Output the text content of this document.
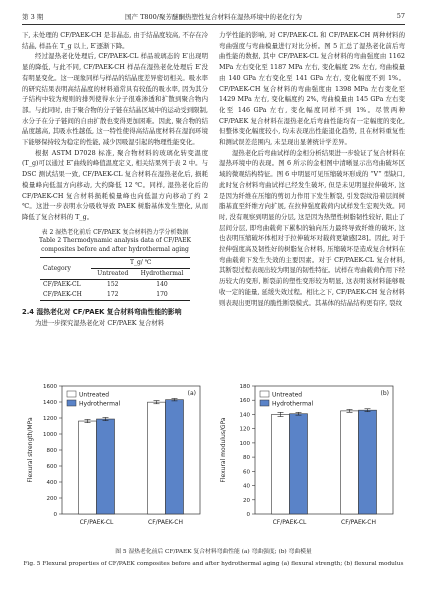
第 3 期	国产 T800/聚芳醚酮热塑性复合材料在湿热环境中的老化行为	57

下, 未处理的 CF/PAEK-CH 是非晶态, 由于结晶度较高, 不存在冷结晶, 样品在 T_g 以上, E′逐渐下降。

经过湿热老化处理后, CF/PAEK-CL 样品玻璃态的 E′出现明显的降低, 与此不同, CF/PAEK-CH 样品在湿热老化处理后 E′没有明显变化。这一现象同样与样品的结晶度差异密切相关。吸水率的研究结果表明高结晶度的材料通常具有较低的吸水率, 因为其分子结构中较为规则的排列使得水分子很难渗透和扩散到聚合物内部。与此同时, 由于聚合物的分子链在结晶区域中的运动受到限制, 水分子在分子链间的自由扩散也变得更加困难。因此, 聚合物的结晶度越高, 其吸水性越低, 这一特性使得高结晶度材料在湿润环境下能够保持较为稳定的性能, 减少因吸湿引起的物理性能变化。

根据 ASTM D7028 标准, 聚合物材料的玻璃化转变温度(T_g)可以通过 E″曲线的峰值温度定义, 相关结果列于表 2 中。与 DSC 测试结果一致, CF/PAEK-CL 复合材料在湿热老化后, 损耗模量峰向低温方向移动, 大约降低 12 ℃。同样, 湿热老化后的 CF/PAEK-CH 复合材料损耗模量峰也向低温方向移动了约 2 ℃。这进一步表明水分吸收导致 PAEK 树脂基体发生塑化, 从而降低了复合材料的 T_g。

表 2 湿热老化前后 CF/PAEK 复合材料热力学分析数据
Table 2 Thermodynamic analysis data of CF/PAEK composites before and after hydrothermal aging
Category	T_g/ ℃	
	Untreated	Hydrothermal
CF/PAEK-CL	152	140
CF/PAEK-CH	172	170
2.4 湿热老化对 CF/PAEK 复合材料弯曲性能的影响

为进一步探究湿热老化对 CF/PAEK 复合材料

力学性能的影响, 对 CF/PAEK-CL 和 CF/PAEK-CH 两种材料的弯曲强度与弯曲模量进行对比分析。图 5 汇总了湿热老化前后弯曲性能的数据, 其中 CF/PAEK-CL 复合材料的弯曲强度由 1162 MPa 左右变化至 1187 MPa 左右, 变化幅度 2% 左右, 弯曲模量由 140 GPa 左右变化至 141 GPa 左右, 变化幅度不到 1%。CF/PAEK-CH 复合材料的弯曲强度由 1398 MPa 左右变化至 1429 MPa 左右, 变化幅度约 2%, 弯曲模量由 145 GPa 左右变化至 146 GPa 左右, 变化幅度同样不到 1%。尽管两种 CF/PAEK 复合材料在湿热老化后弯曲性能均有一定幅度的变化, 但整体变化幅度较小, 均未表现出性能退化趋势, 且在材料重复性和测试误差范围内, 未呈现出显著统计学差异。

湿热老化后弯曲试样的金相分析结果进一步验证了复合材料在湿热环境中的表现。图 6 所示的金相图中清晰显示出弯曲破坏区域的微观结构特征。图 6 中明显可见压缩破坏形成的 “V” 型缺口, 此时复合材料弯曲试样已经发生破坏, 但是未见明显拉伸破坏, 这是因为纤维在压缩的剪切力作用下发生断裂, 引发裂纹沿着层间树脂基直至纤维方向扩展, 在拉伸强度载荷内试样发生宏观失效。同时, 没有观察到明显的分层, 这是因为热塑性树脂韧性较好, 阻止了层间分层, 即弯曲载荷下累积的轴向压力最终导致纤维的破坏, 这也表明压缩破坏体相对于拉伸破坏对载荷更敏感[28]。因此, 对于拉伸强度高及韧性好的树脂复合材料, 压缩破坏是造成复合材料在弯曲载荷下发生失效的主要因素。对于 CF/PAEK-CL 复合材料, 其断裂过程表现出较为明显的韧性特征。试样在弯曲载荷作用下经历较大的变形, 断裂前的塑性变形较为明显, 这表明该材料能够吸收一定的能量, 延缓失效过程。相比之下, CF/PAEK-CH 复合材料则表现出更明显的脆性断裂模式。其基体的结晶结构更有序, 裂纹

0
200
400
600
800
1000
1200
1400
1600
Flexural strength/MPa
(a)
CF/PAEK-CL	CF/PAEK-CH
Untreated
Hydrothermal
0
20
40
60
80
100
120
140
160
180
Flexural modulus/GPa
(b)
CF/PAEK-CL	CF/PAEK-CH
Untreated
Hydrothermal
图 5 湿热老化前后 CF/PAEK 复合材料弯曲性能 (a) 弯曲强度; (b) 弯曲模量
Fig. 5 Flexural properties of CF/PAEK composites before and after hydrothermal aging (a) flexural strength; (b) flexural modulus
